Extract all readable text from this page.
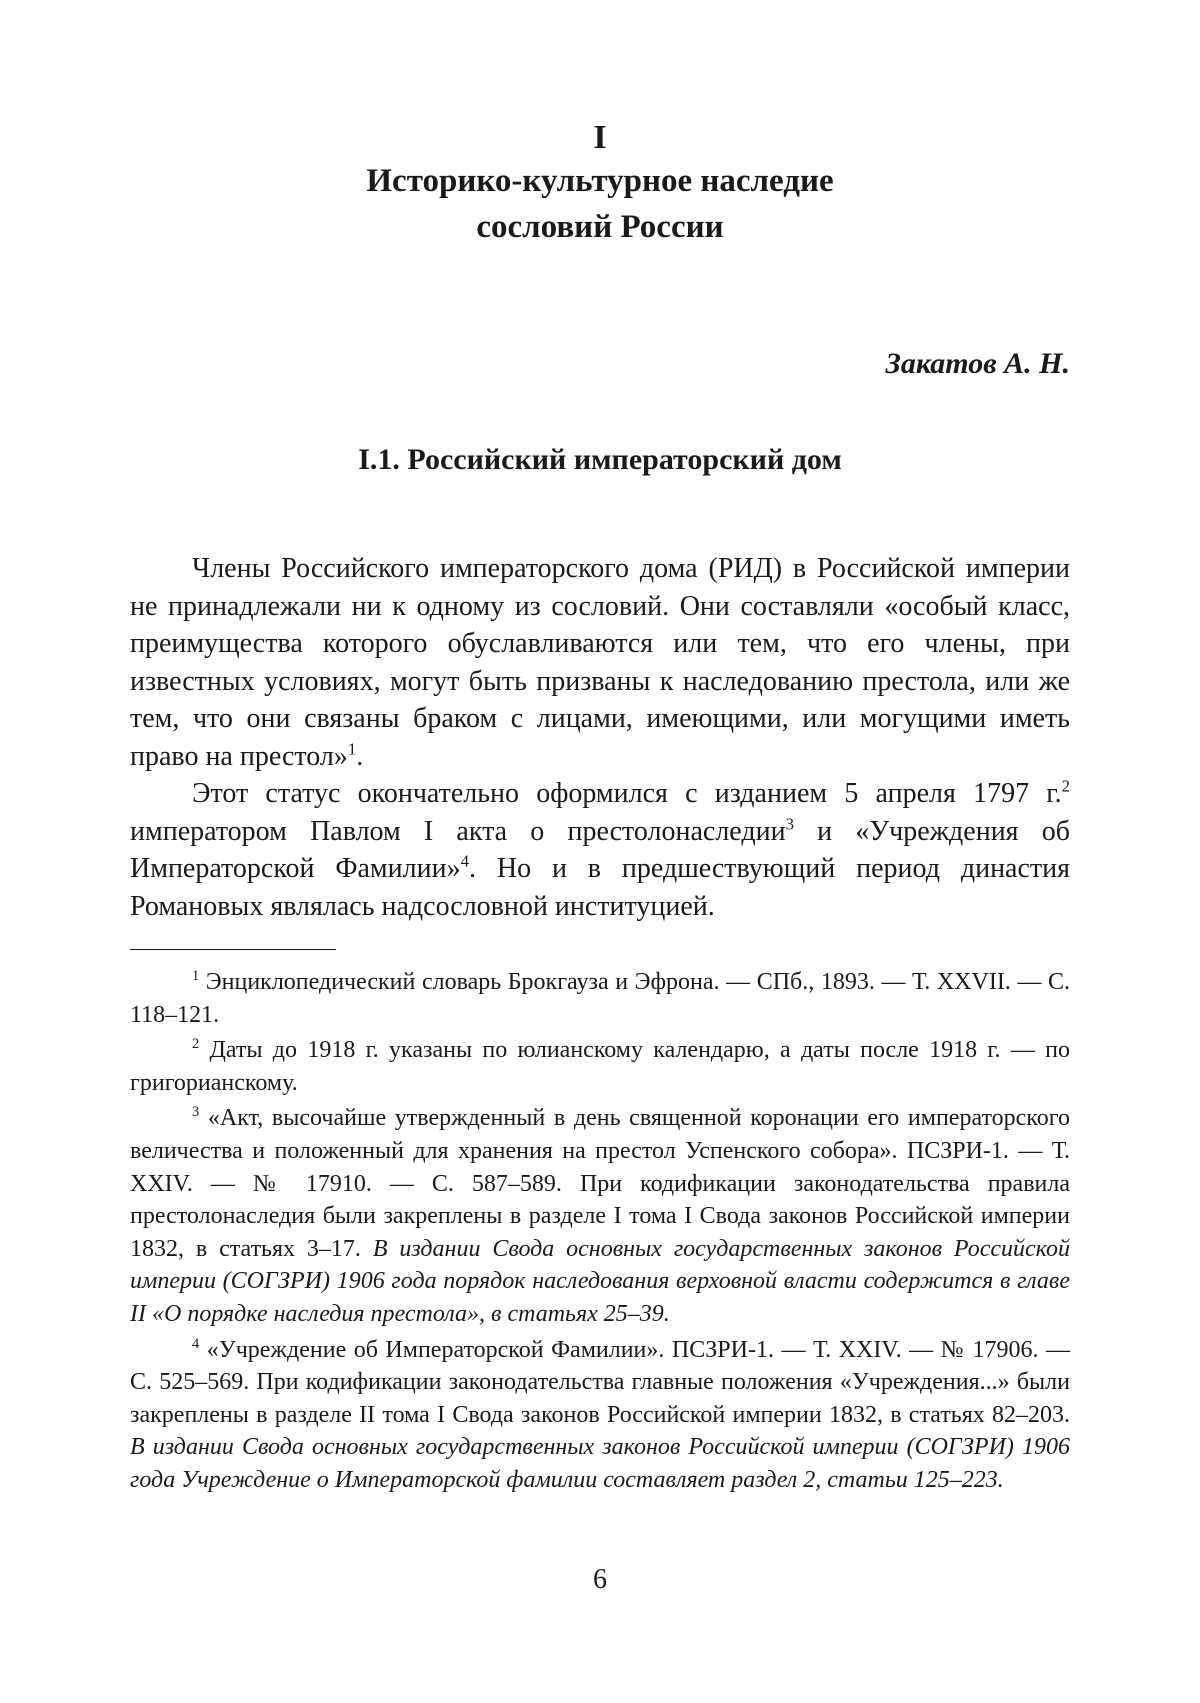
I
Историко-культурное наследие
сословий России
Закатов А. Н.
I.1. Российский императорский дом

Члены Российского императорского дома (РИД) в Российской империи не принадлежали ни к одному из сословий. Они составляли «особый класс, преимущества которого обуславливаются или тем, что его члены, при известных условиях, могут быть призваны к наследованию престола, или же тем, что они связаны браком с лицами, имеющими, или могущими иметь право на престол»$^1$.

Этот статус окончательно оформился с изданием 5 апреля 1797 г.$^2$ императором Павлом I акта о престолонаследии$^3$ и «Учреждения об Императорской Фамилии»$^4$. Но и в предшествующий период династия Романовых являлась надсословной институцией.

$^1$ Энциклопедический словарь Брокгауза и Эфрона. — СПб., 1893. — Т. XXVII. — С. 118–121.

$^2$ Даты до 1918 г. указаны по юлианскому календарю, а даты после 1918 г. — по григорианскому.

$^3$ «Акт, высочайше утвержденный в день священной коронации его императорского величества и положенный для хранения на престол Успенского собора». ПСЗРИ-1. — Т. XXIV. — № 17910. — С. 587–589. При кодификации законодательства правила престолонаследия были закреплены в разделе I тома I Свода законов Российской империи 1832, в статьях 3–17. В издании Свода основных государственных законов Российской империи (СОГЗРИ) 1906 года порядок наследования верховной власти содержится в главе II «О порядке наследия престола», в статьях 25–39.

$^4$ «Учреждение об Императорской Фамилии». ПСЗРИ-1. — Т. XXIV. — № 17906. — С. 525–569. При кодификации законодательства главные положения «Учреждения...» были закреплены в разделе II тома I Свода законов Российской империи 1832, в статьях 82–203. В издании Свода основных государственных законов Российской империи (СОГЗРИ) 1906 года Учреждение о Императорской фамилии составляет раздел 2, статьи 125–223.

6
